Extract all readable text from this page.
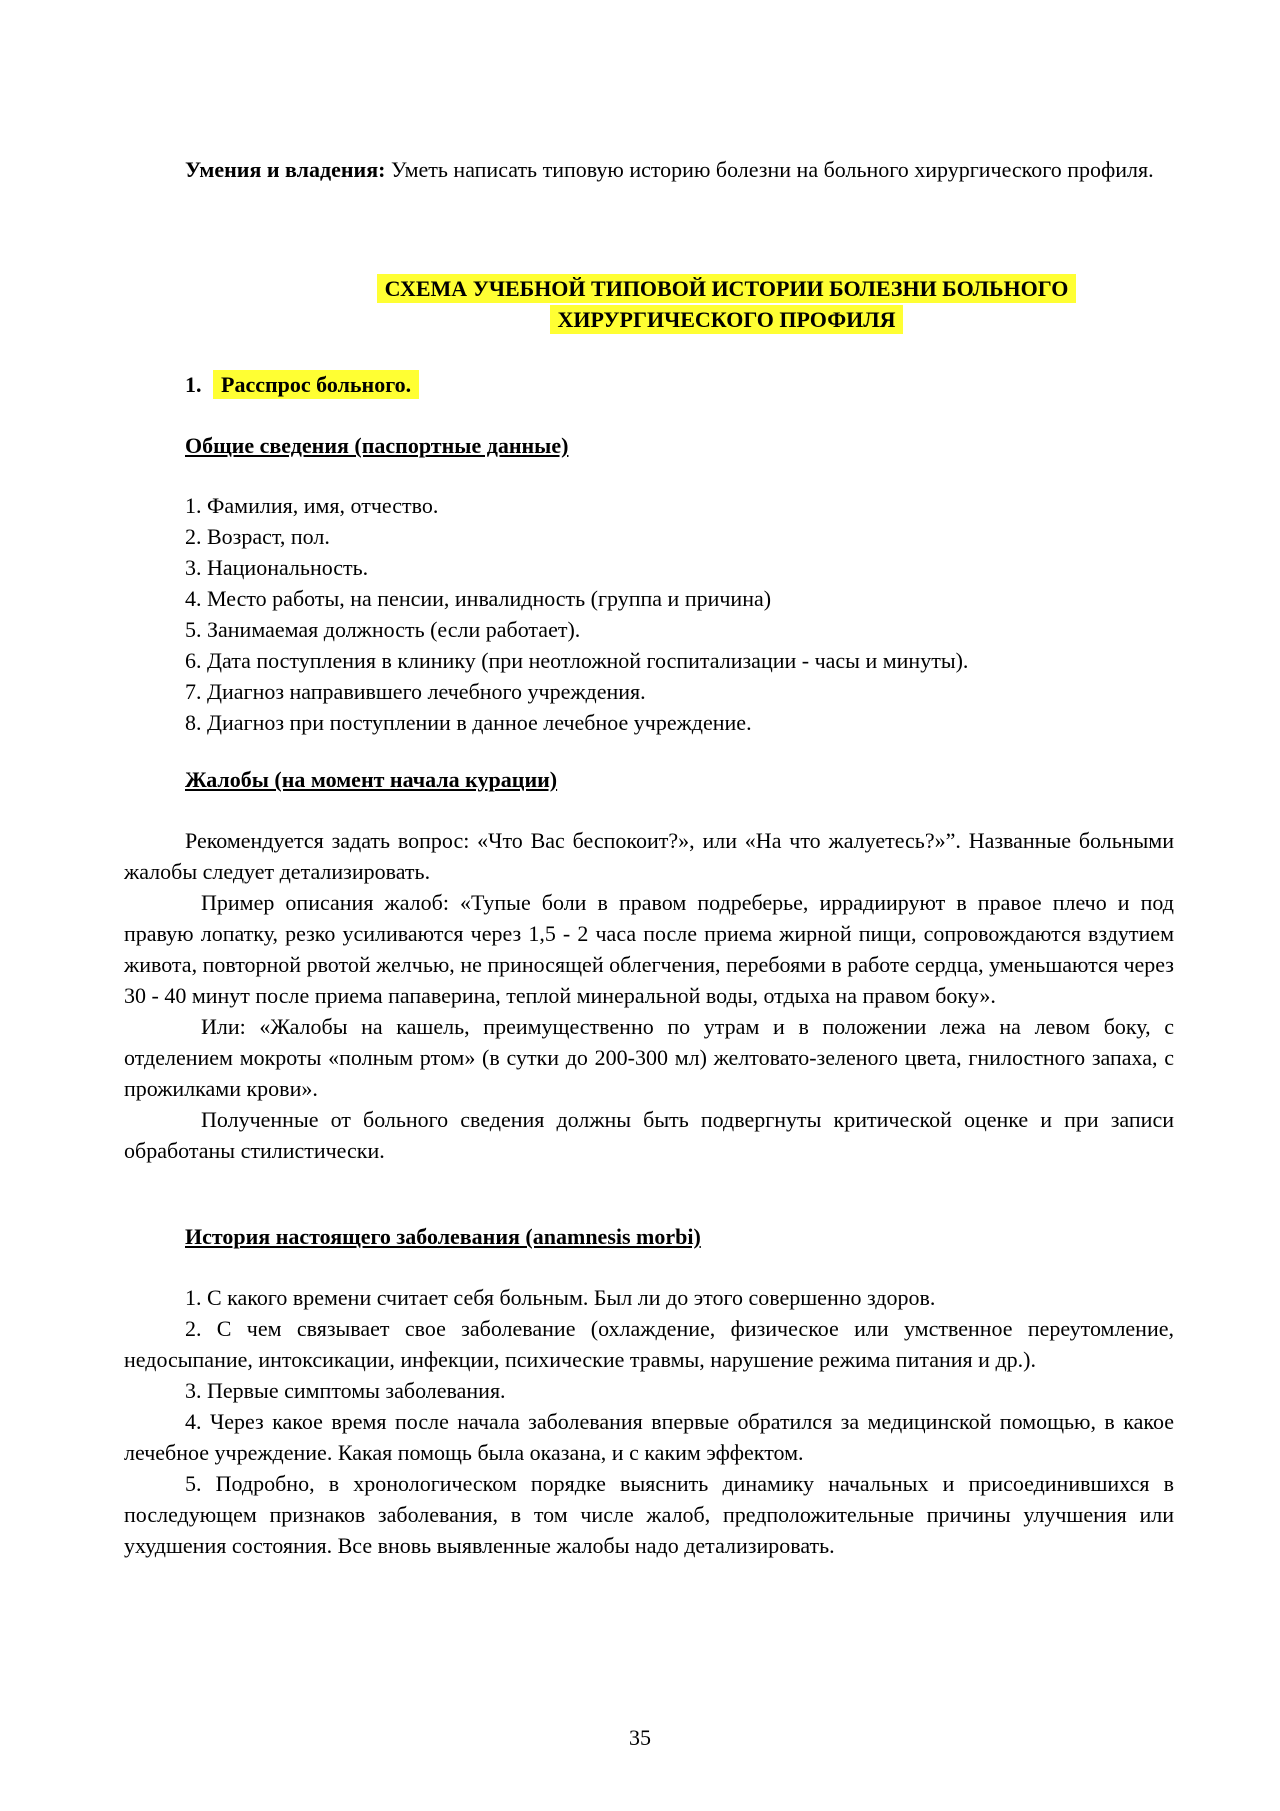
Умения и владения: Уметь написать типовую историю болезни на больного хирургического профиля.

СХЕМА УЧЕБНОЙ ТИПОВОЙ ИСТОРИИ БОЛЕЗНИ БОЛЬНОГО
ХИРУРГИЧЕСКОГО ПРОФИЛЯ
1. Расспрос больного.
Общие сведения (паспортные данные)
1. Фамилия, имя, отчество.
2. Возраст, пол.
3. Национальность.
4. Место работы, на пенсии, инвалидность (группа и причина)
5. Занимаемая должность (если работает).
6. Дата поступления в клинику (при неотложной госпитализации - часы и минуты).
7. Диагноз направившего лечебного учреждения.
8. Диагноз при поступлении в данное лечебное учреждение.
Жалобы (на момент начала курации)

Рекомендуется задать вопрос: «Что Вас беспокоит?», или «На что жалуетесь?»”. Названные больными жалобы следует детализировать.

Пример описания жалоб: «Тупые боли в правом подреберье, иррадиируют в правое плечо и под правую лопатку, резко усиливаются через 1,5 - 2 часа после приема жирной пищи, сопровождаются вздутием живота, повторной рвотой желчью, не приносящей облегчения, перебоями в работе сердца, уменьшаются через 30 - 40 минут после приема папаверина, теплой минеральной воды, отдыха на правом боку».

Или: «Жалобы на кашель, преимущественно по утрам и в положении лежа на левом боку, с отделением мокроты «полным ртом» (в сутки до 200-300 мл) желтовато-зеленого цвета, гнилостного запаха, с прожилками крови».

Полученные от больного сведения должны быть подвергнуты критической оценке и при записи обработаны стилистически.

История настоящего заболевания (anamnesis morbi)

1. С какого времени считает себя больным. Был ли до этого совершенно здоров.

2. С чем связывает свое заболевание (охлаждение, физическое или умственное переутомление, недосыпание, интоксикации, инфекции, психические травмы, нарушение режима питания и др.).

3. Первые симптомы заболевания.

4. Через какое время после начала заболевания впервые обратился за медицинской помощью, в какое лечебное учреждение. Какая помощь была оказана, и с каким эффектом.

5. Подробно, в хронологическом порядке выяснить динамику начальных и присоединившихся в последующем признаков заболевания, в том числе жалоб, предположительные причины улучшения или ухудшения состояния. Все вновь выявленные жалобы надо детализировать.

35
